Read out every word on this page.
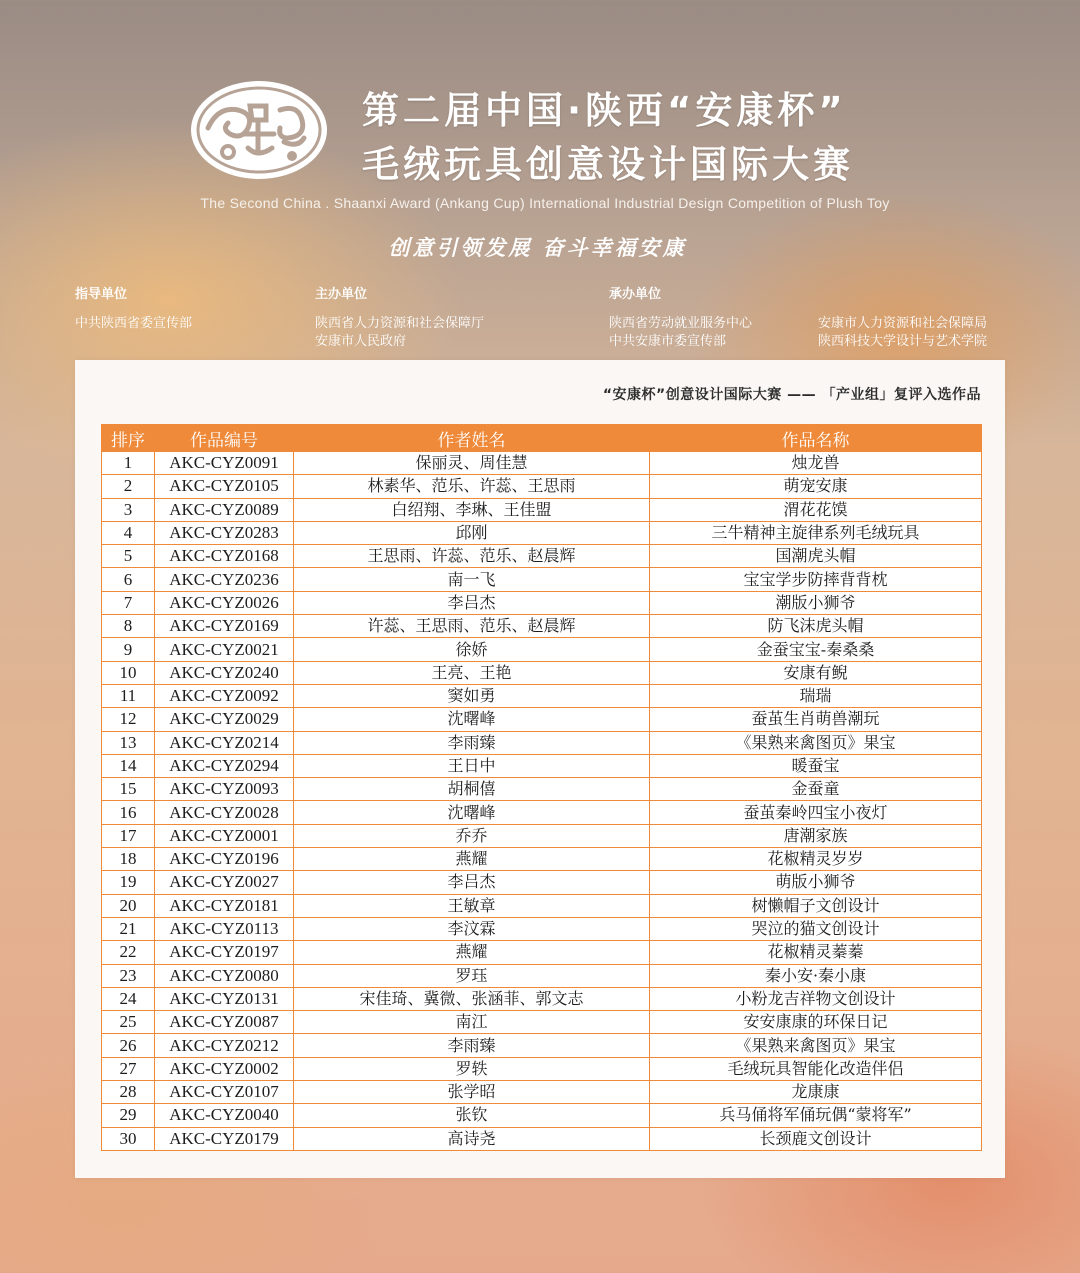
第二届中国·陕西“安康杯”
毛绒玩具创意设计国际大赛
The Second China . Shaanxi Award (Ankang Cup) International Industrial Design Competition of Plush Toy
创意引领发展 奋斗幸福安康
指导单位
中共陕西省委宣传部
主办单位
陕西省人力资源和社会保障厅
安康市人民政府
承办单位
陕西省劳动就业服务中心
中共安康市委宣传部
安康市人力资源和社会保障局
陕西科技大学设计与艺术学院
“安康杯”创意设计国际大赛 —— 「产业组」复评入选作品
排序	作品编号	作者姓名	作品名称
1	AKC-CYZ0091	保丽灵、周佳慧	烛龙兽
2	AKC-CYZ0105	林素华、范乐、许蕊、王思雨	萌宠安康
3	AKC-CYZ0089	白绍翔、李琳、王佳盟	渭花花馍
4	AKC-CYZ0283	邱刚	三牛精神主旋律系列毛绒玩具
5	AKC-CYZ0168	王思雨、许蕊、范乐、赵晨辉	国潮虎头帽
6	AKC-CYZ0236	南一飞	宝宝学步防摔背背枕
7	AKC-CYZ0026	李吕杰	潮版小狮爷
8	AKC-CYZ0169	许蕊、王思雨、范乐、赵晨辉	防飞沫虎头帽
9	AKC-CYZ0021	徐娇	金蚕宝宝-秦桑桑
10	AKC-CYZ0240	王亮、王艳	安康有鲵
11	AKC-CYZ0092	窦如勇	瑞瑞
12	AKC-CYZ0029	沈曙峰	蚕茧生肖萌兽潮玩
13	AKC-CYZ0214	李雨臻	《果熟来禽图页》果宝
14	AKC-CYZ0294	王日中	暖蚕宝
15	AKC-CYZ0093	胡桐僖	金蚕童
16	AKC-CYZ0028	沈曙峰	蚕茧秦岭四宝小夜灯
17	AKC-CYZ0001	乔乔	唐潮家族
18	AKC-CYZ0196	燕耀	花椒精灵岁岁
19	AKC-CYZ0027	李吕杰	萌版小狮爷
20	AKC-CYZ0181	王敏章	树懒帽子文创设计
21	AKC-CYZ0113	李汶霖	哭泣的猫文创设计
22	AKC-CYZ0197	燕耀	花椒精灵蓁蓁
23	AKC-CYZ0080	罗珏	秦小安·秦小康
24	AKC-CYZ0131	宋佳琦、冀微、张涵菲、郭文志	小粉龙吉祥物文创设计
25	AKC-CYZ0087	南江	安安康康的环保日记
26	AKC-CYZ0212	李雨臻	《果熟来禽图页》果宝
27	AKC-CYZ0002	罗轶	毛绒玩具智能化改造伴侣
28	AKC-CYZ0107	张学昭	龙康康
29	AKC-CYZ0040	张钦	兵马俑将军俑玩偶“蒙将军”
30	AKC-CYZ0179	高诗尧	长颈鹿文创设计
